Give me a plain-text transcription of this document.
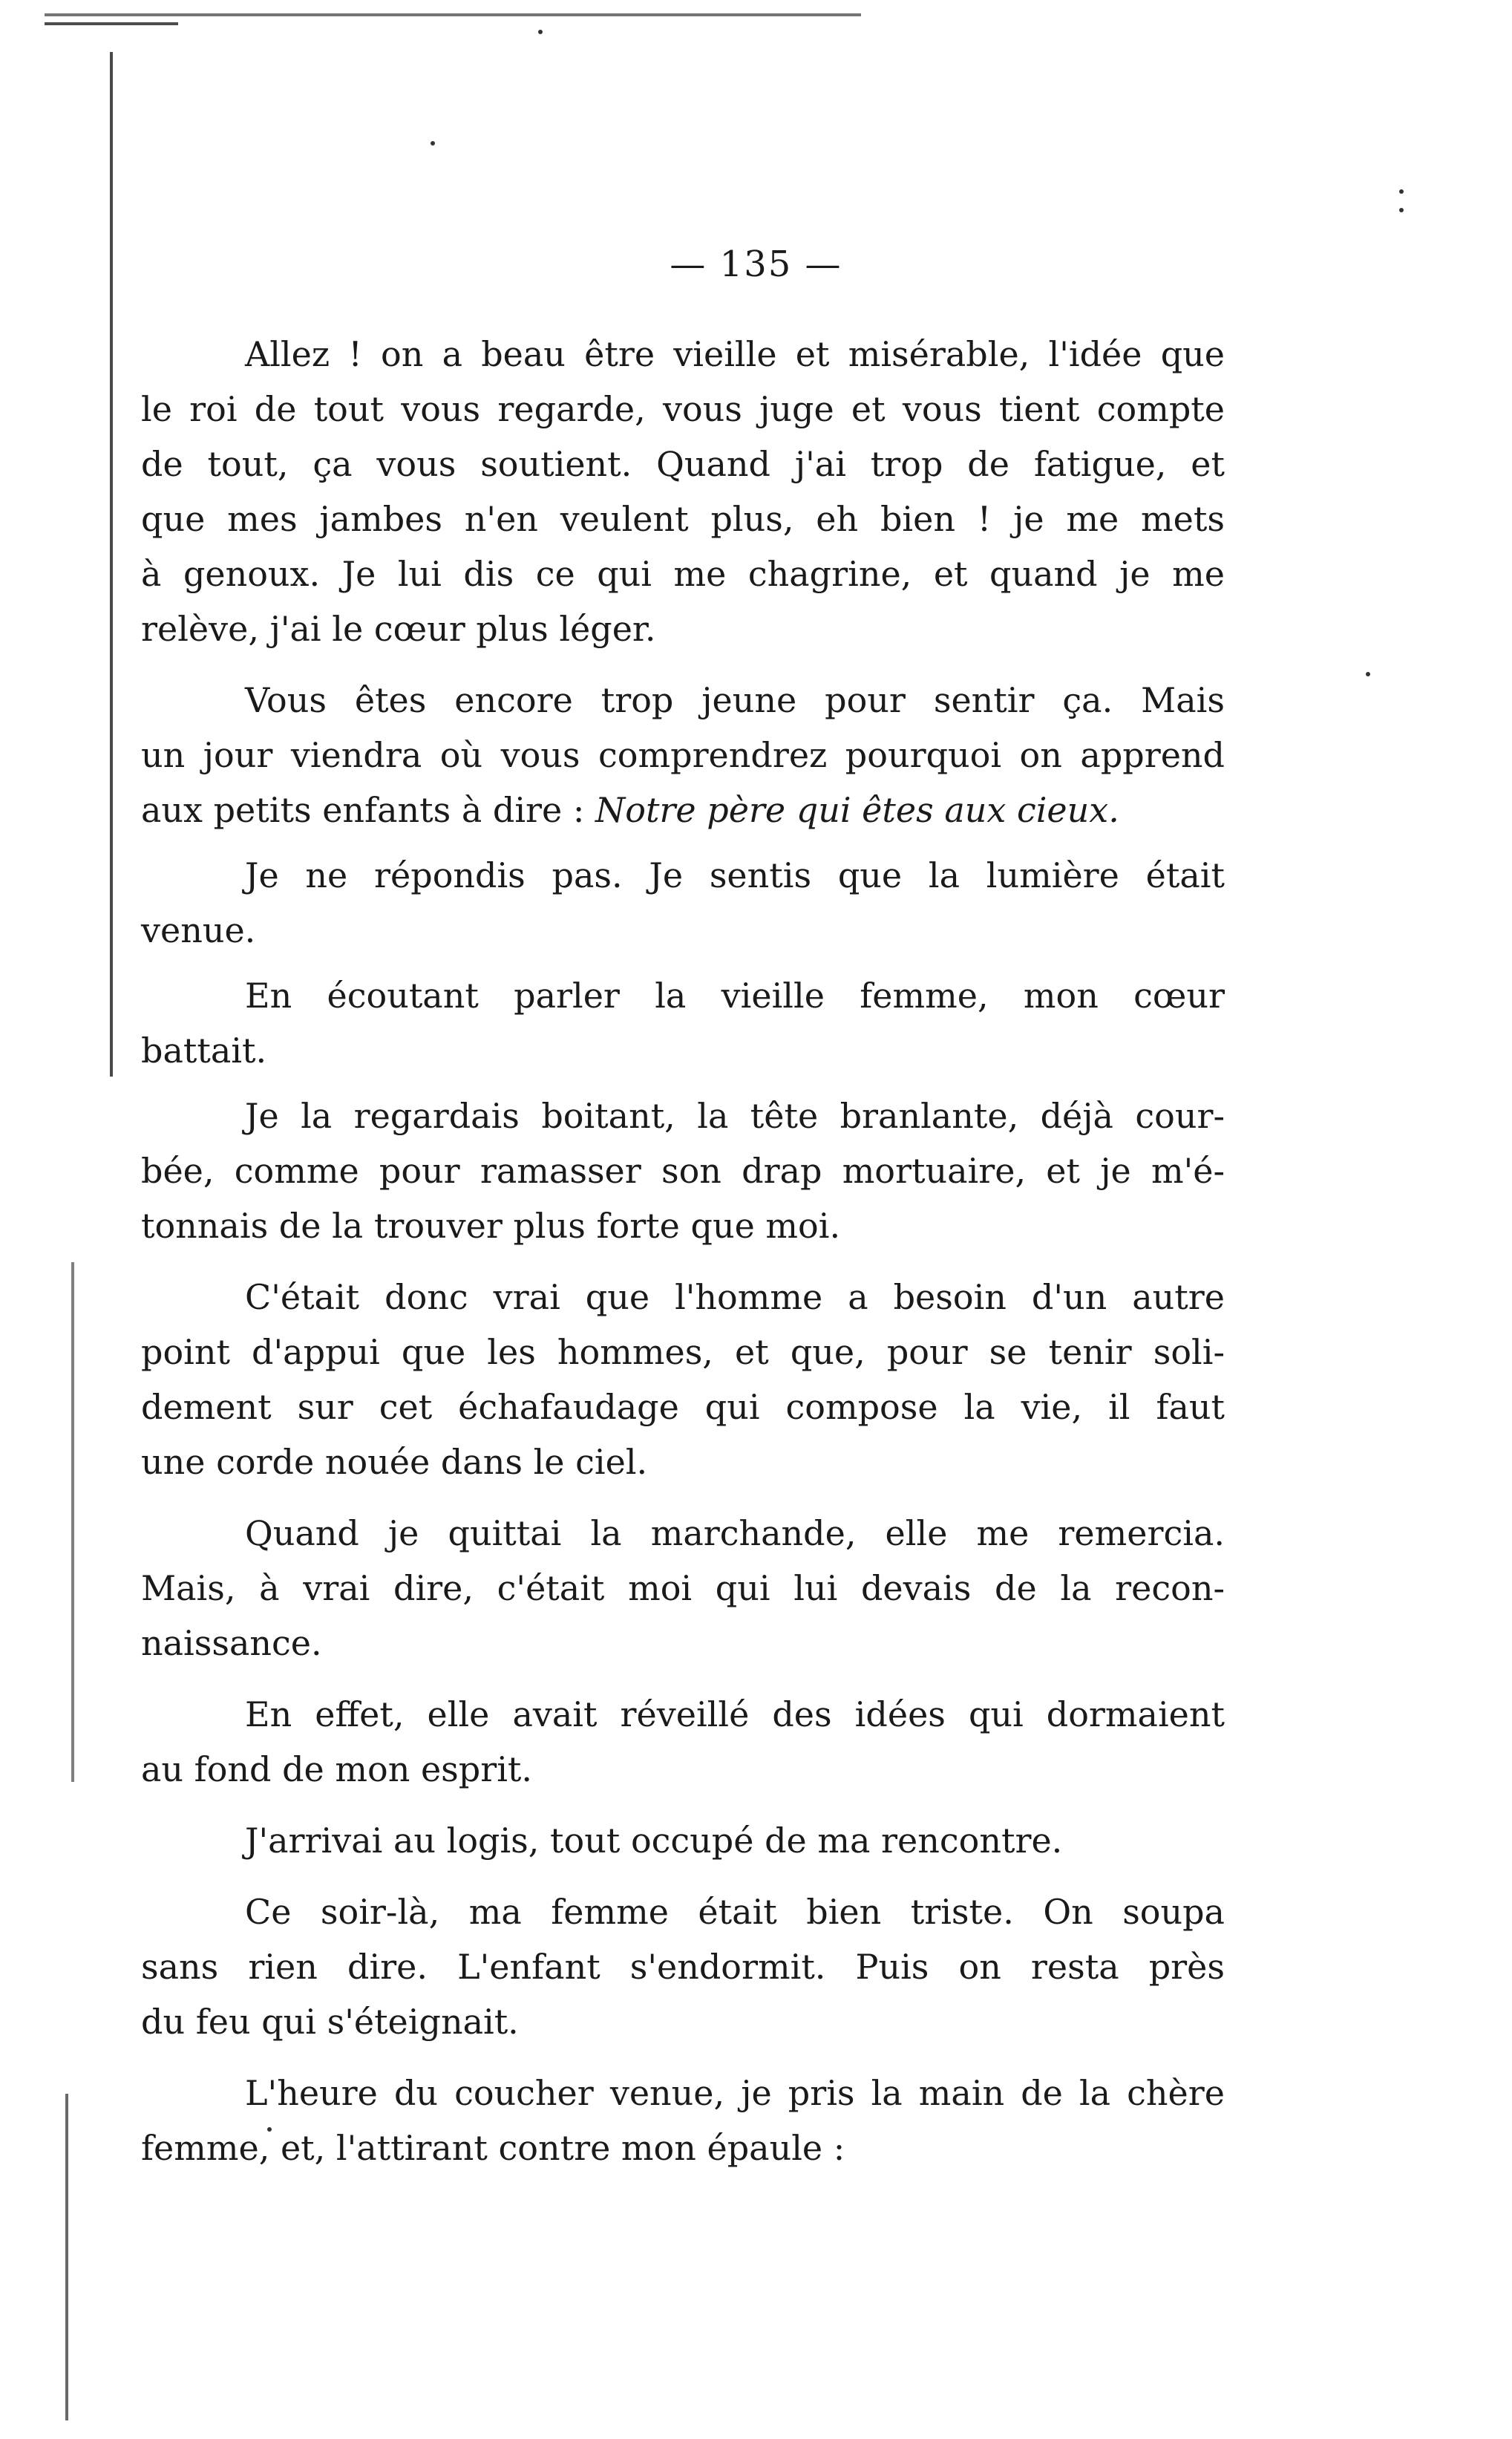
— 135 —
Allez ! on a beau être vieille et misérable, l'idée que
le roi de tout vous regarde, vous juge et vous tient compte
de tout, ça vous soutient. Quand j'ai trop de fatigue, et
que mes jambes n'en veulent plus, eh bien ! je me mets
à genoux. Je lui dis ce qui me chagrine, et quand je me
relève, j'ai le cœur plus léger.
Vous êtes encore trop jeune pour sentir ça. Mais
un jour viendra où vous comprendrez pourquoi on apprend
aux petits enfants à dire : Notre père qui êtes aux cieux.
Je ne répondis pas. Je sentis que la lumière était
venue.
En écoutant parler la vieille femme, mon cœur
battait.
Je la regardais boitant, la tête branlante, déjà cour-
bée, comme pour ramasser son drap mortuaire, et je m'é-
tonnais de la trouver plus forte que moi.
C'était donc vrai que l'homme a besoin d'un autre
point d'appui que les hommes, et que, pour se tenir soli-
dement sur cet échafaudage qui compose la vie, il faut
une corde nouée dans le ciel.
Quand je quittai la marchande, elle me remercia.
Mais, à vrai dire, c'était moi qui lui devais de la recon-
naissance.
En effet, elle avait réveillé des idées qui dormaient
au fond de mon esprit.
J'arrivai au logis, tout occupé de ma rencontre.
Ce soir-là, ma femme était bien triste. On soupa
sans rien dire. L'enfant s'endormit. Puis on resta près
du feu qui s'éteignait.
L'heure du coucher venue, je pris la main de la chère
femme, et, l'attirant contre mon épaule :
